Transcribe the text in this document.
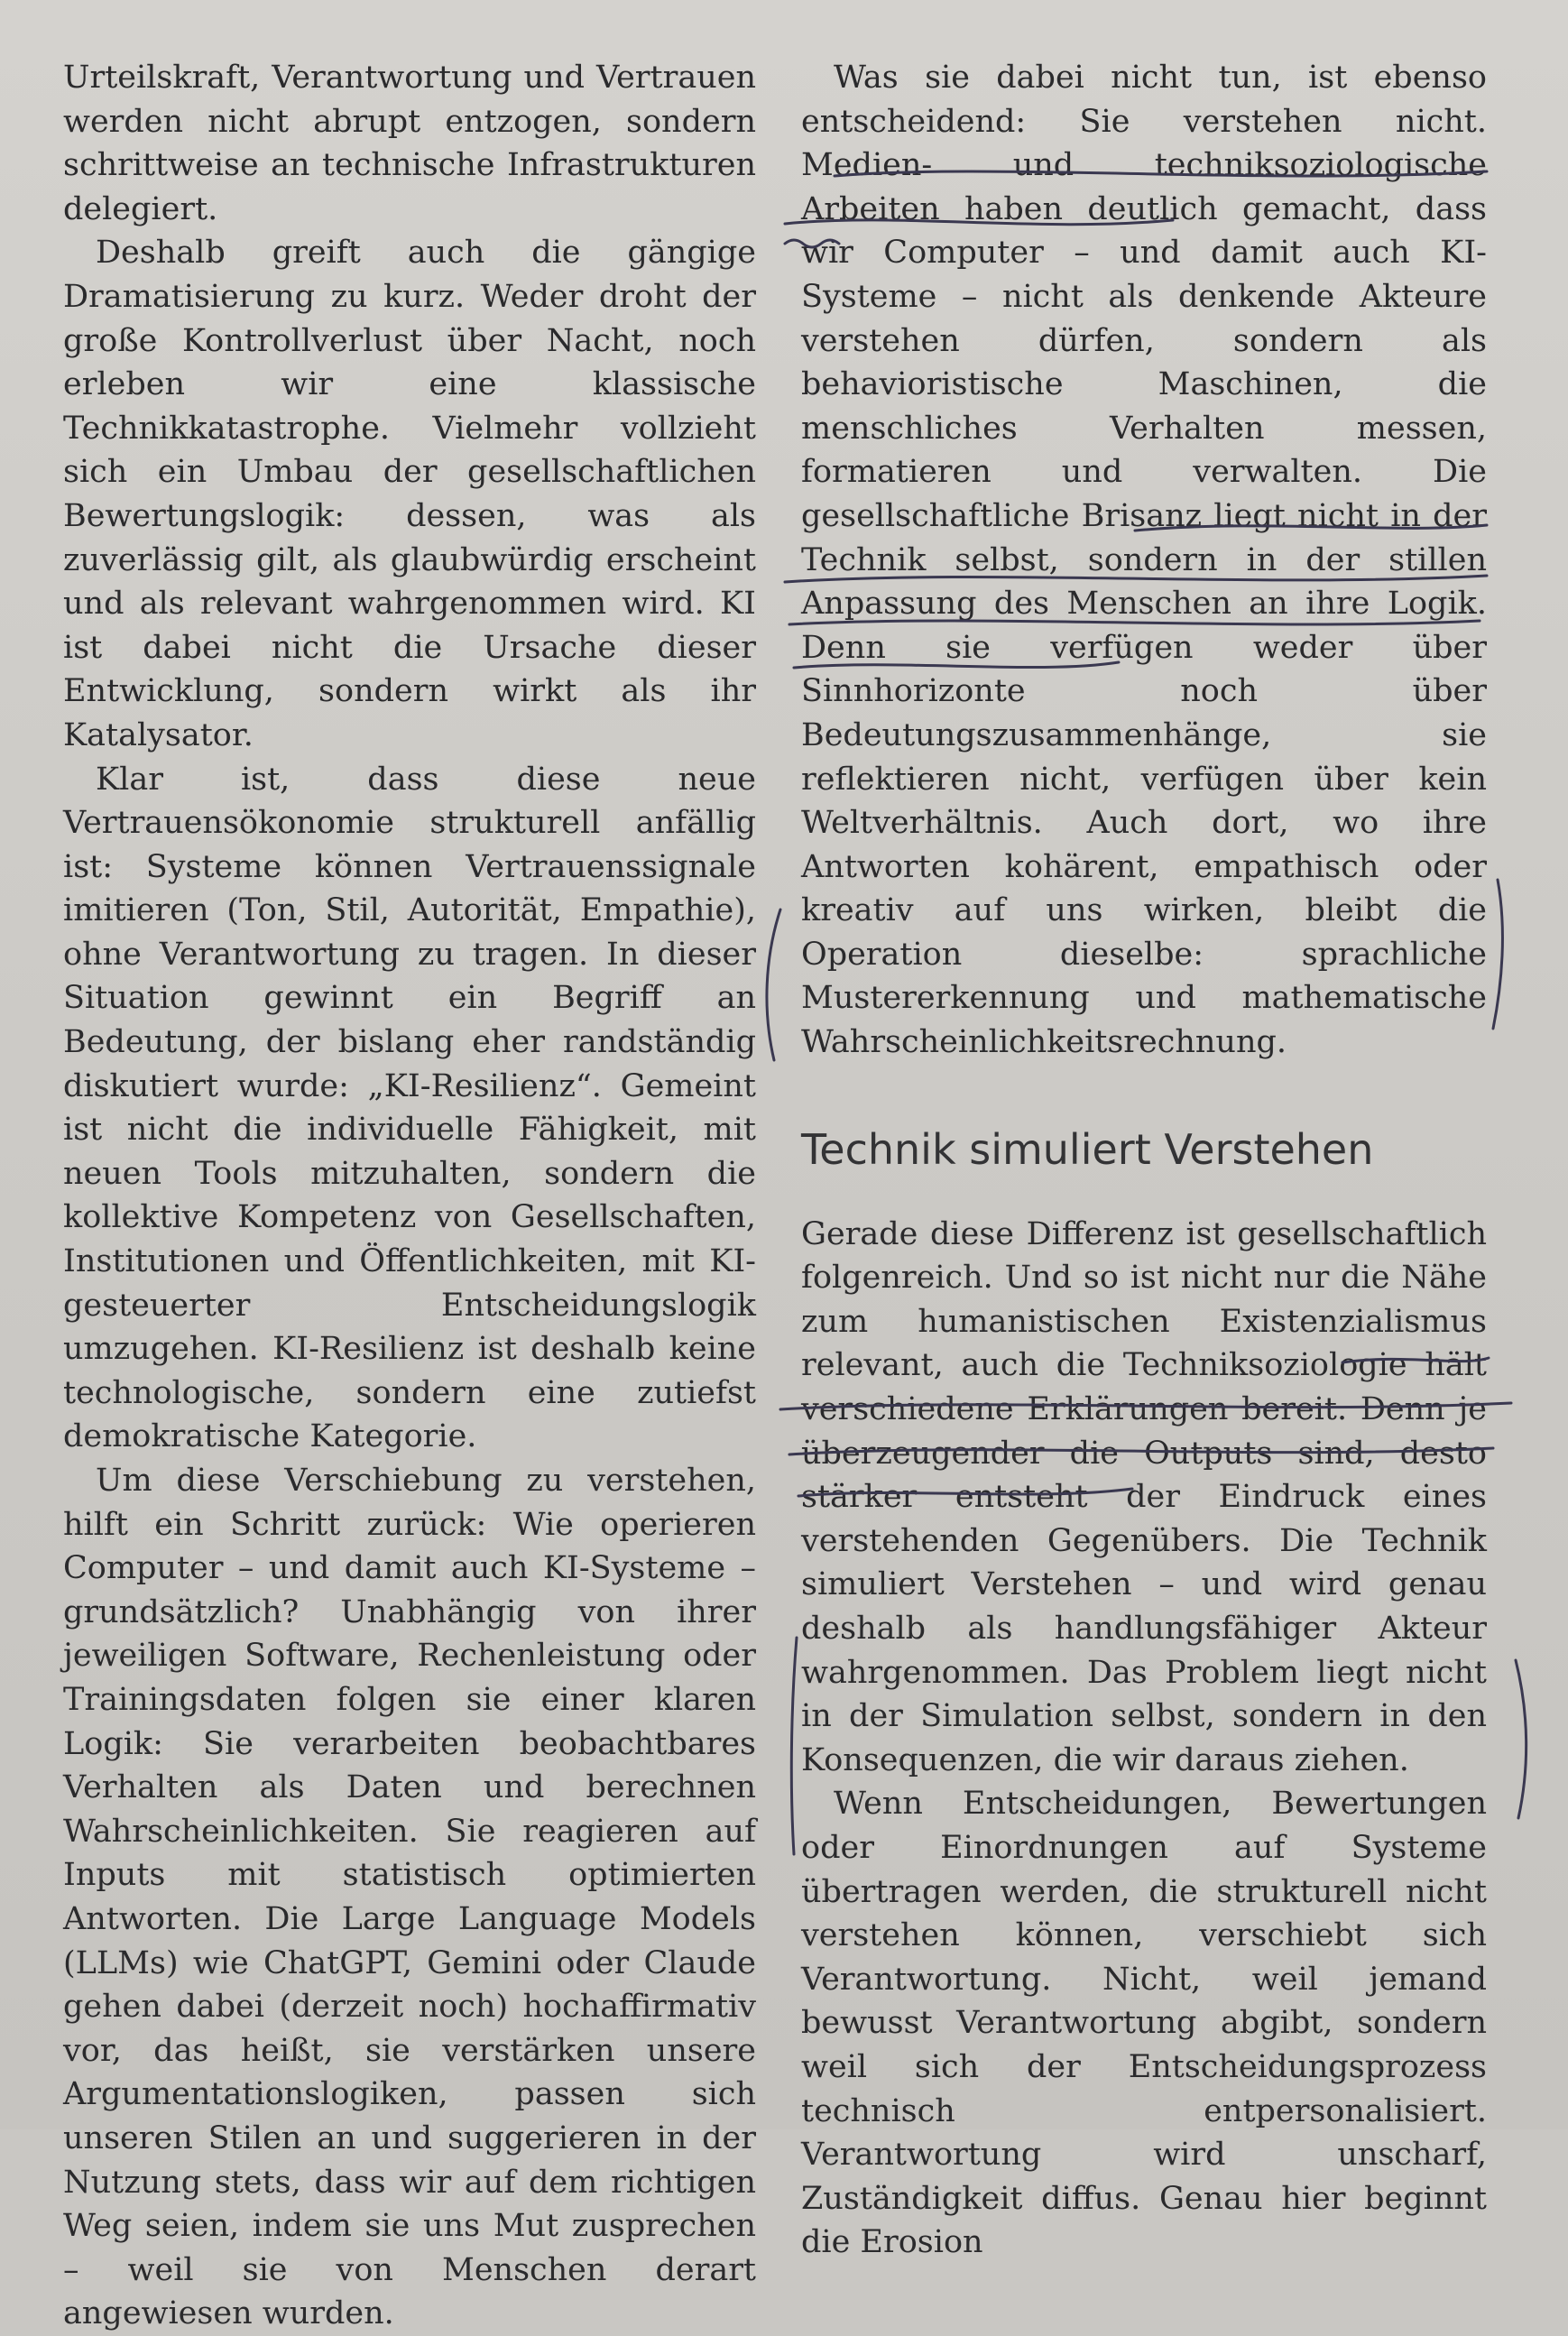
Urteilskraft, Verantwortung und Vertrauen werden nicht abrupt entzogen, sondern schrittweise an technische Infrastrukturen delegiert.

Deshalb greift auch die gängige Dramatisierung zu kurz. Weder droht der große Kontrollverlust über Nacht, noch erleben wir eine klassische Technikkatastrophe. Vielmehr vollzieht sich ein Umbau der gesellschaftlichen Bewertungslogik: dessen, was als zuverlässig gilt, als glaubwürdig erscheint und als relevant wahrgenommen wird. KI ist dabei nicht die Ursache dieser Entwicklung, sondern wirkt als ihr Katalysator.

Klar ist, dass diese neue Vertrauensökonomie strukturell anfällig ist: Systeme können Vertrauenssignale imitieren (Ton, Stil, Autorität, Empathie), ohne Verantwortung zu tragen. In dieser Situation gewinnt ein Begriff an Bedeutung, der bislang eher randständig diskutiert wurde: „KI-Resilienz“. Gemeint ist nicht die individuelle Fähigkeit, mit neuen Tools mitzuhalten, sondern die kollektive Kompetenz von Gesellschaften, Institutionen und Öffentlichkeiten, mit KI-gesteuerter Entscheidungslogik umzugehen. KI-Resilienz ist deshalb keine technologische, sondern eine zutiefst demokratische Kategorie.

Um diese Verschiebung zu verstehen, hilft ein Schritt zurück: Wie operieren Computer – und damit auch KI-Systeme – grundsätzlich? Unabhängig von ihrer jeweiligen Software, Rechenleistung oder Trainingsdaten folgen sie einer klaren Logik: Sie verarbeiten beobachtbares Verhalten als Daten und berechnen Wahrscheinlichkeiten. Sie reagieren auf Inputs mit statistisch optimierten Antworten. Die Large Language Models (LLMs) wie ChatGPT, Gemini oder Claude gehen dabei (derzeit noch) hochaffirmativ vor, das heißt, sie verstärken unsere Argumentationslogiken, passen sich unseren Stilen an und suggerieren in der Nutzung stets, dass wir auf dem richtigen Weg seien, indem sie uns Mut zusprechen – weil sie von Menschen derart angewiesen wurden.

Was sie dabei nicht tun, ist ebenso entscheidend: Sie verstehen nicht. Medien- und techniksoziologische Arbeiten haben deutlich gemacht, dass wir Computer – und damit auch KI-Systeme – nicht als denkende Akteure verstehen dürfen, sondern als behavioristische Maschinen, die menschliches Verhalten messen, formatieren und verwalten. Die gesellschaftliche Brisanz liegt nicht in der Technik selbst, sondern in der stillen Anpassung des Menschen an ihre Logik. Denn sie verfügen weder über Sinnhorizonte noch über Bedeutungszusammenhänge, sie reflektieren nicht, verfügen über kein Weltverhältnis. Auch dort, wo ihre Antworten kohärent, empathisch oder kreativ auf uns wirken, bleibt die Operation dieselbe: sprachliche Mustererkennung und mathematische Wahrscheinlichkeitsrechnung.

Technik simuliert Verstehen

Gerade diese Differenz ist gesellschaftlich folgenreich. Und so ist nicht nur die Nähe zum humanistischen Existenzialismus relevant, auch die Techniksoziologie hält verschiedene Erklärungen bereit. Denn je überzeugender die Outputs sind, desto stärker entsteht der Eindruck eines verstehenden Gegenübers. Die Technik simuliert Verstehen – und wird genau deshalb als handlungsfähiger Akteur wahrgenommen. Das Problem liegt nicht in der Simulation selbst, sondern in den Konsequenzen, die wir daraus ziehen.

Wenn Entscheidungen, Bewertungen oder Einordnungen auf Systeme übertragen werden, die strukturell nicht verstehen können, verschiebt sich Verantwortung. Nicht, weil jemand bewusst Verantwortung abgibt, sondern weil sich der Entscheidungsprozess technisch entpersonalisiert. Verantwortung wird unscharf, Zuständigkeit diffus. Genau hier beginnt die Erosion
